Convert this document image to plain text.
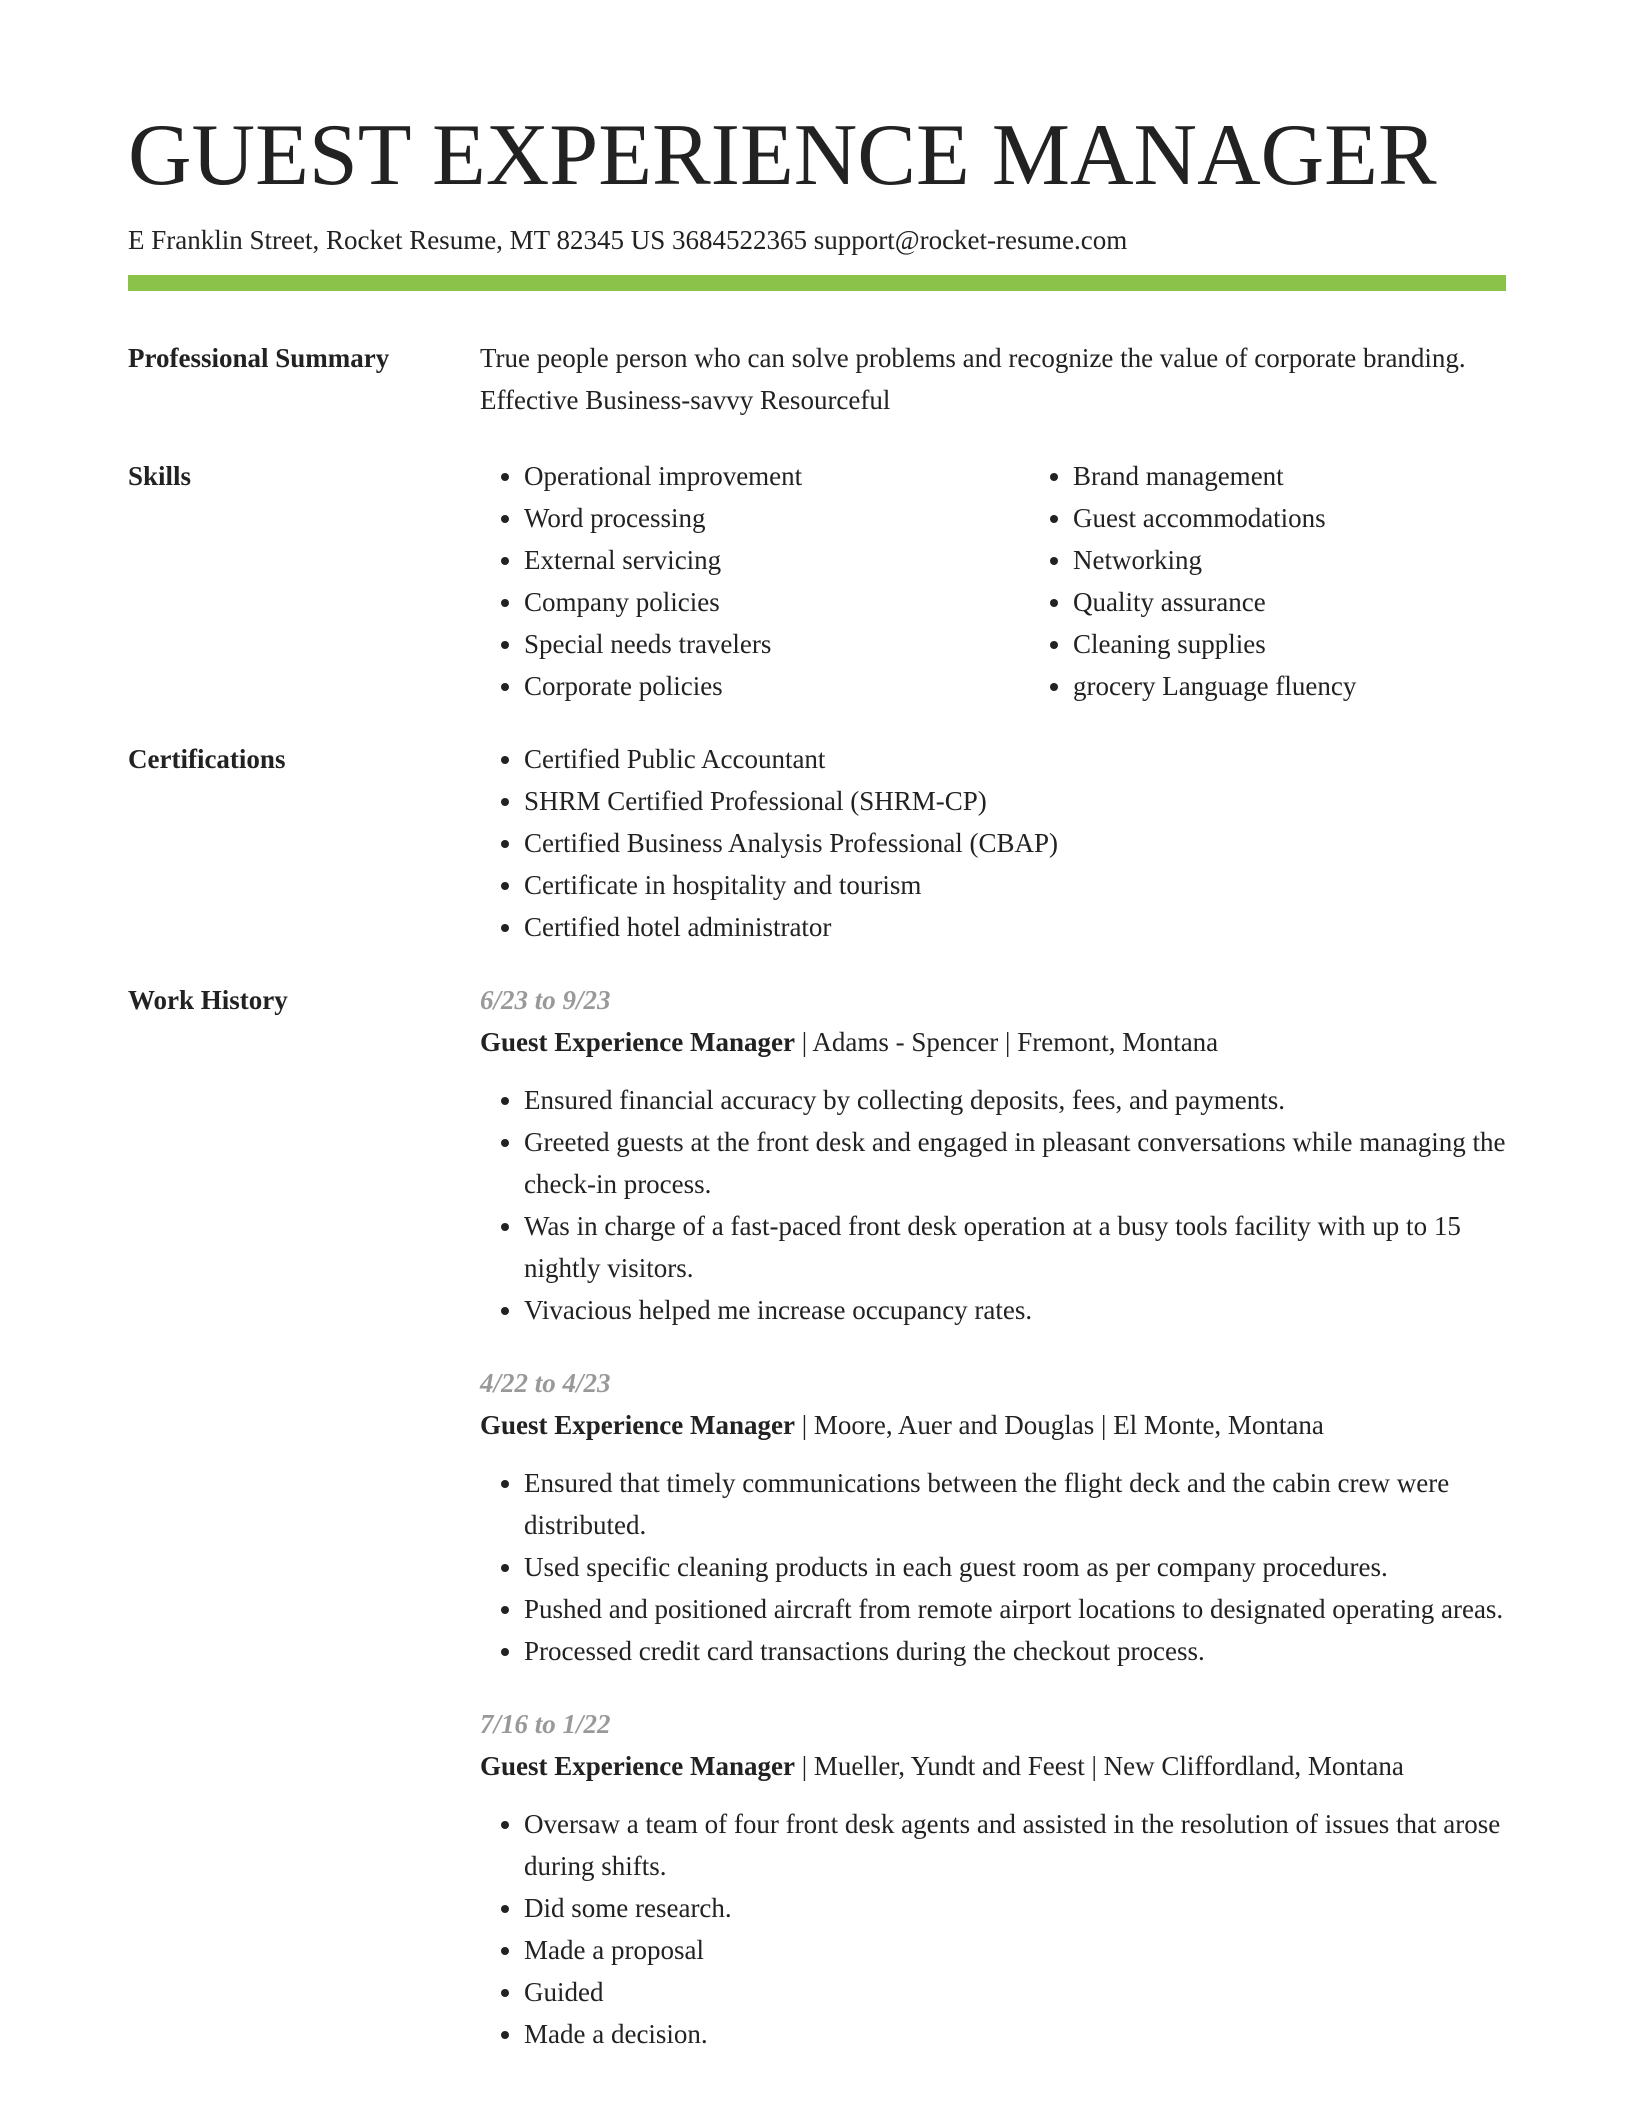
GUEST EXPERIENCE MANAGER
E Franklin Street, Rocket Resume, MT 82345 US 3684522365 support@rocket-resume.com
Professional Summary	True people person who can solve problems and recognize the value of corporate branding. Effective Business-savvy Resourceful
Skills	• Operational improvement
• Word processing
• External servicing
• Company policies
• Special needs travelers
• Corporate policies
• Brand management
• Guest accommodations
• Networking
• Quality assurance
• Cleaning supplies
• grocery Language fluency
Certifications	• Certified Public Accountant
• SHRM Certified Professional (SHRM-CP)
• Certified Business Analysis Professional (CBAP)
• Certificate in hospitality and tourism
• Certified hotel administrator
Work History	6/23 to 9/23
Guest Experience Manager | Adams - Spencer | Fremont, Montana
• Ensured financial accuracy by collecting deposits, fees, and payments.
• Greeted guests at the front desk and engaged in pleasant conversations while managing the check-in process.
• Was in charge of a fast-paced front desk operation at a busy tools facility with up to 15 nightly visitors.
• Vivacious helped me increase occupancy rates.
4/22 to 4/23
Guest Experience Manager | Moore, Auer and Douglas | El Monte, Montana
• Ensured that timely communications between the flight deck and the cabin crew were distributed.
• Used specific cleaning products in each guest room as per company procedures.
• Pushed and positioned aircraft from remote airport locations to designated operating areas.
• Processed credit card transactions during the checkout process.
7/16 to 1/22
Guest Experience Manager | Mueller, Yundt and Feest | New Cliffordland, Montana
• Oversaw a team of four front desk agents and assisted in the resolution of issues that arose during shifts.
• Did some research.
• Made a proposal
• Guided
• Made a decision.
